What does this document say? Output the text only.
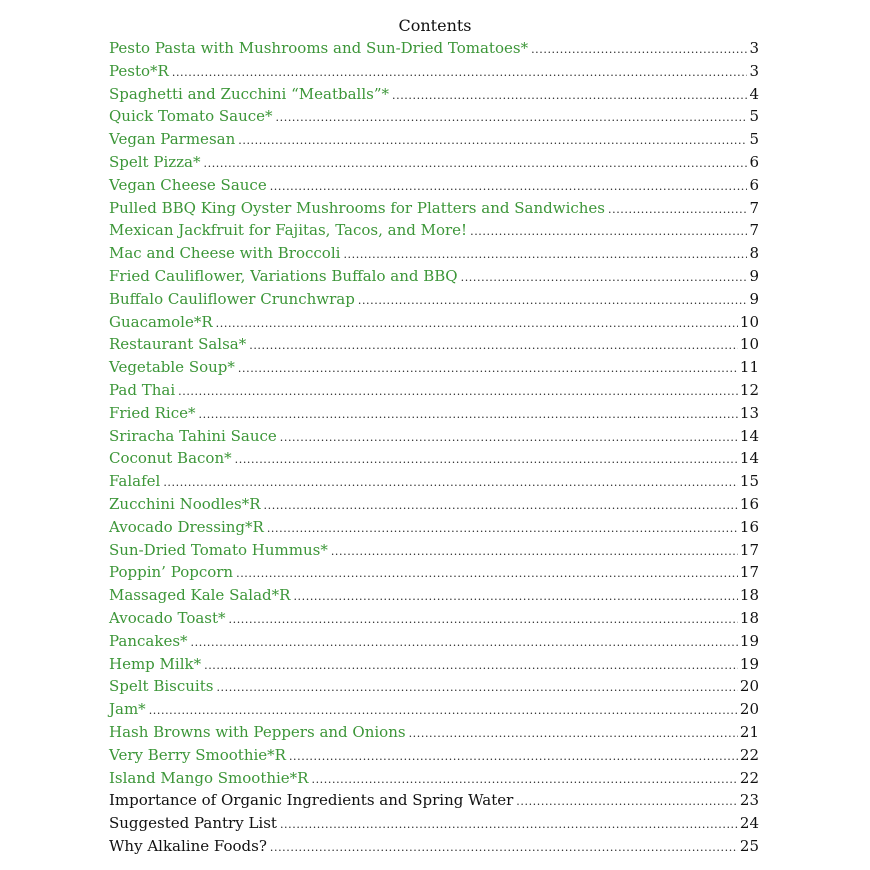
Contents
Pesto Pasta with Mushrooms and Sun-Dried Tomatoes* .....	3
Pesto*R .....	3
Spaghetti and Zucchini “Meatballs”* .....	4
Quick Tomato Sauce* .....	5
Vegan Parmesan .....	5
Spelt Pizza* .....	6
Vegan Cheese Sauce .....	6
Pulled BBQ King Oyster Mushrooms for Platters and Sandwiches .....	7
Mexican Jackfruit for Fajitas, Tacos, and More! .....	7
Mac and Cheese with Broccoli .....	8
Fried Cauliflower, Variations Buffalo and BBQ .....	9
Buffalo Cauliflower Crunchwrap .....	9
Guacamole*R .....	10
Restaurant Salsa* .....	10
Vegetable Soup* .....	11
Pad Thai .....	12
Fried Rice* .....	13
Sriracha Tahini Sauce .....	14
Coconut Bacon* .....	14
Falafel .....	15
Zucchini Noodles*R .....	16
Avocado Dressing*R .....	16
Sun-Dried Tomato Hummus* .....	17
Poppin’ Popcorn .....	17
Massaged Kale Salad*R .....	18
Avocado Toast* .....	18
Pancakes* .....	19
Hemp Milk* .....	19
Spelt Biscuits .....	20
Jam* .....	20
Hash Browns with Peppers and Onions .....	21
Very Berry Smoothie*R .....	22
Island Mango Smoothie*R .....	22
Importance of Organic Ingredients and Spring Water .....	23
Suggested Pantry List .....	24
Why Alkaline Foods? .....	25
